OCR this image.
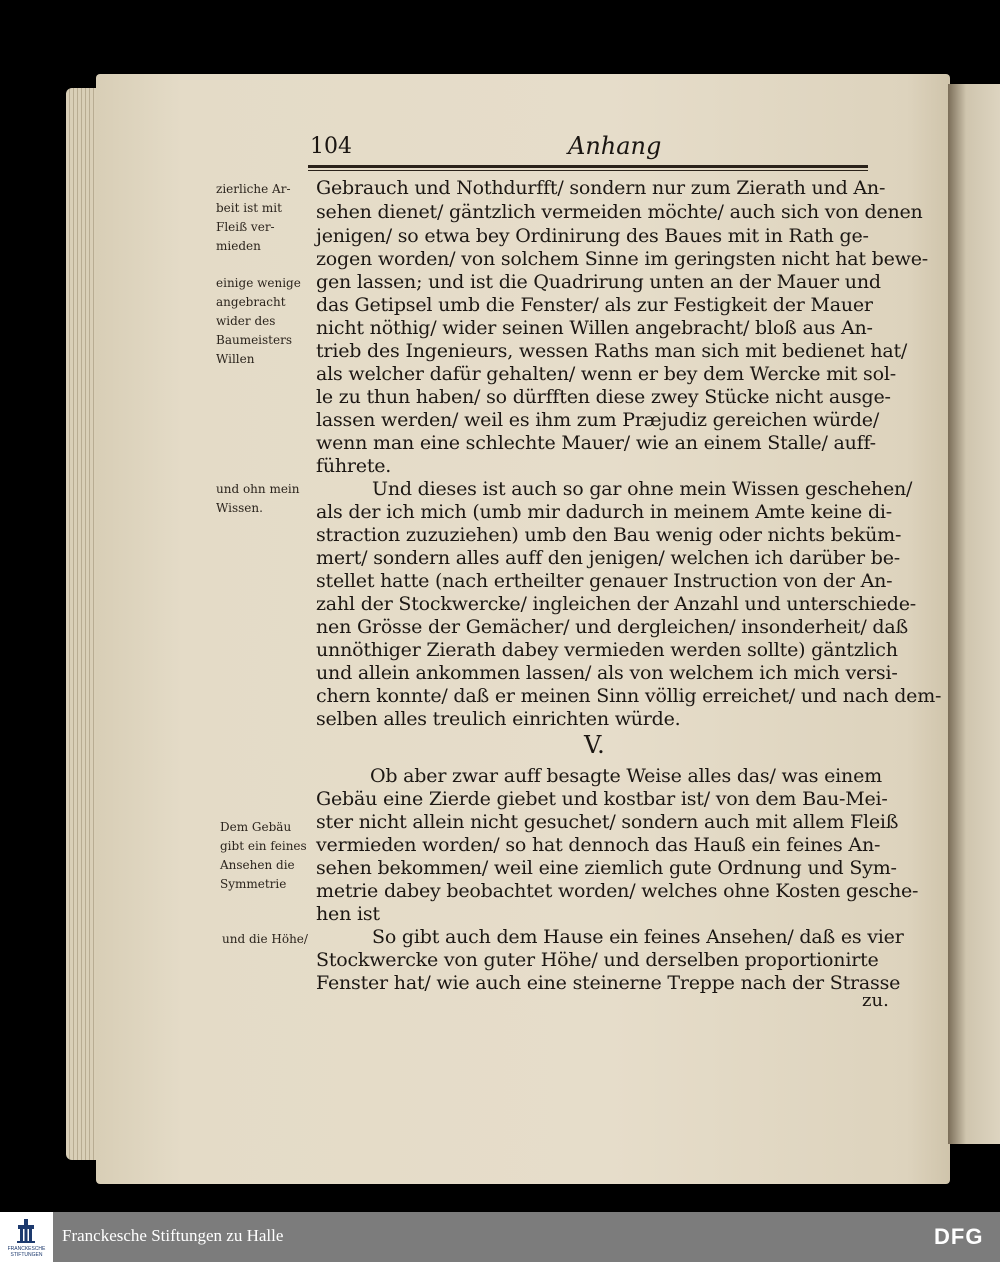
104	Anhang
Gebrauch und Nothdurfft/ sondern nur zum Zierath und An-
sehen dienet/ gäntzlich vermeiden möchte/ auch sich von denen
jenigen/ so etwa bey Ordinirung des Baues mit in Rath ge-
zogen worden/ von solchem Sinne im geringsten nicht hat bewe-
gen lassen; und ist die Quadrirung unten an der Mauer und
das Getipsel umb die Fenster/ als zur Festigkeit der Mauer
nicht nöthig/ wider seinen Willen angebracht/ bloß aus An-
trieb des Ingenieurs, wessen Raths man sich mit bedienet hat/
als welcher dafür gehalten/ wenn er bey dem Wercke mit sol-
le zu thun haben/ so dürfften diese zwey Stücke nicht ausge-
lassen werden/ weil es ihm zum Præjudiz gereichen würde/
wenn man eine schlechte Mauer/ wie an einem Stalle/ auff-
führete.
Und dieses ist auch so gar ohne mein Wissen geschehen/
als der ich mich (umb mir dadurch in meinem Amte keine di-
straction zuzuziehen) umb den Bau wenig oder nichts beküm-
mert/ sondern alles auff den jenigen/ welchen ich darüber be-
stellet hatte (nach ertheilter genauer Instruction von der An-
zahl der Stockwercke/ ingleichen der Anzahl und unterschiede-
nen Grösse der Gemächer/ und dergleichen/ insonderheit/ daß
unnöthiger Zierath dabey vermieden werden sollte) gäntzlich
und allein ankommen lassen/ als von welchem ich mich versi-
chern konnte/ daß er meinen Sinn völlig erreichet/ und nach dem-
selben alles treulich einrichten würde.
V.
Ob aber zwar auff besagte Weise alles das/ was einem
Gebäu eine Zierde giebet und kostbar ist/ von dem Bau-Mei-
ster nicht allein nicht gesuchet/ sondern auch mit allem Fleiß
vermieden worden/ so hat dennoch das Hauß ein feines An-
sehen bekommen/ weil eine ziemlich gute Ordnung und Sym-
metrie dabey beobachtet worden/ welches ohne Kosten gesche-
hen ist
So gibt auch dem Hause ein feines Ansehen/ daß es vier
Stockwercke von guter Höhe/ und derselben proportionirte
Fenster hat/ wie auch eine steinerne Treppe nach der Strasse
zu.
zierliche Ar-
beit ist mit
Fleiß ver-
mieden
einige wenige
angebracht
wider des
Baumeisters
Willen
und ohn mein
Wissen.
Dem Gebäu
gibt ein feines
Ansehen die
Symmetrie
und die Höhe/
FRANCKESCHE
STIFTUNGEN
Franckesche Stiftungen zu Halle	DFG
